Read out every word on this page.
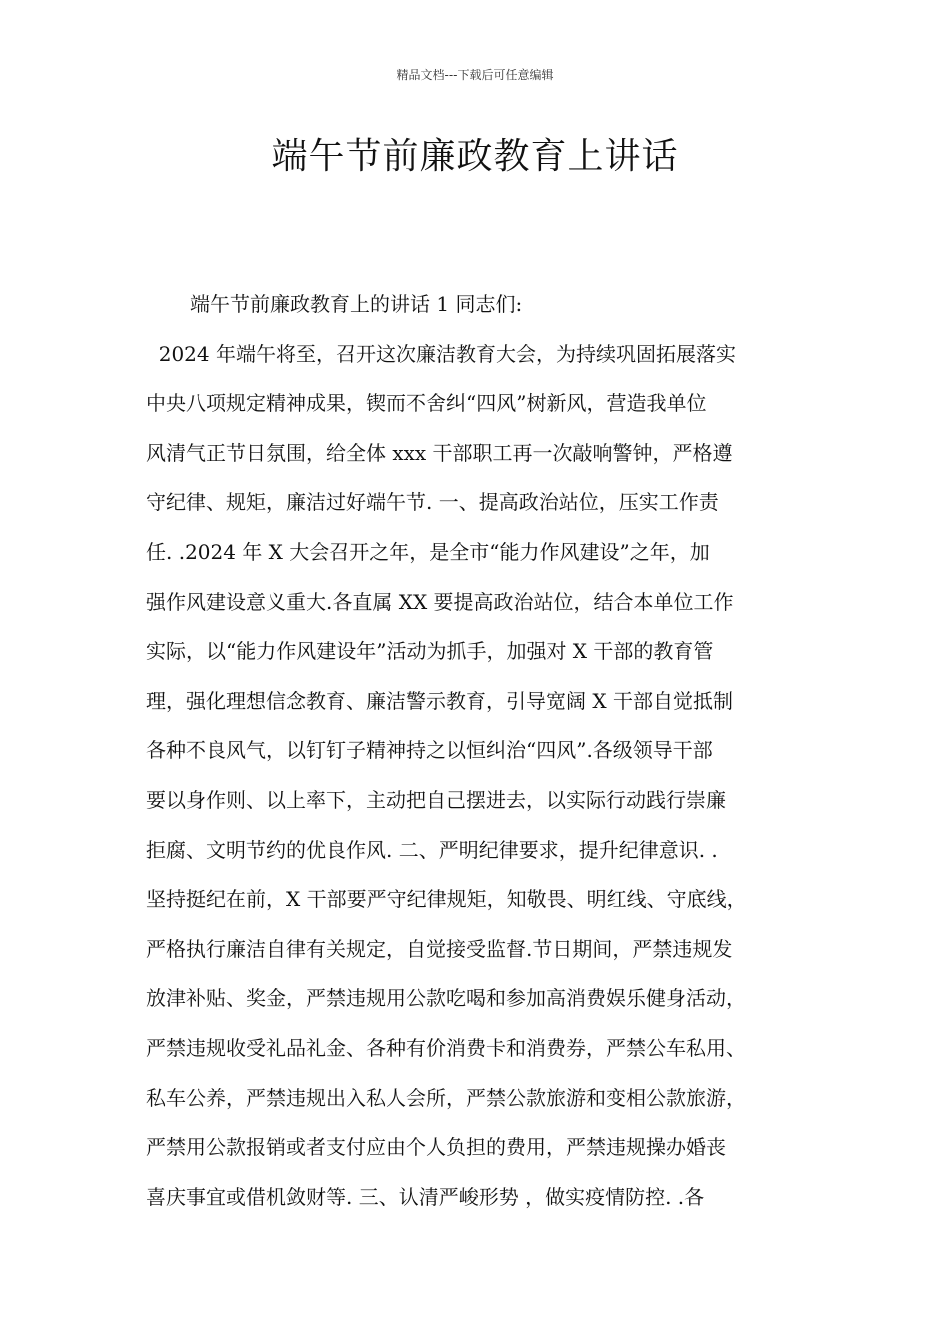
精品文档---下载后可任意编辑
端午节前廉政教育上讲话
端午节前廉政教育上的讲话 1 同志们:
2024 年端午将至，召开这次廉洁教育大会，为持续巩固拓展落实
中央八项规定精神成果，锲而不舍纠“四风”树新风，营造我单位
风清气正节日氛围，给全体 xxx 干部职工再一次敲响警钟，严格遵
守纪律、规矩，廉洁过好端午节. 一、提高政治站位，压实工作责
任. .2024 年 X 大会召开之年，是全市“能力作风建设”之年，加
强作风建设意义重大.各直属 XX 要提高政治站位，结合本单位工作
实际，以“能力作风建设年”活动为抓手，加强对 X 干部的教育管
理，强化理想信念教育、廉洁警示教育，引导宽阔 X 干部自觉抵制
各种不良风气，以钉钉子精神持之以恒纠治“四风”.各级领导干部
要以身作则、以上率下，主动把自己摆进去，以实际行动践行崇廉
拒腐、文明节约的优良作风. 二、严明纪律要求，提升纪律意识. .
坚持挺纪在前，X 干部要严守纪律规矩，知敬畏、明红线、守底线，
严格执行廉洁自律有关规定，自觉接受监督.节日期间，严禁违规发
放津补贴、奖金，严禁违规用公款吃喝和参加高消费娱乐健身活动，
严禁违规收受礼品礼金、各种有价消费卡和消费券，严禁公车私用、
私车公养，严禁违规出入私人会所，严禁公款旅游和变相公款旅游，
严禁用公款报销或者支付应由个人负担的费用，严禁违规操办婚丧
喜庆事宜或借机敛财等. 三、认清严峻形势 ，做实疫情防控. .各
